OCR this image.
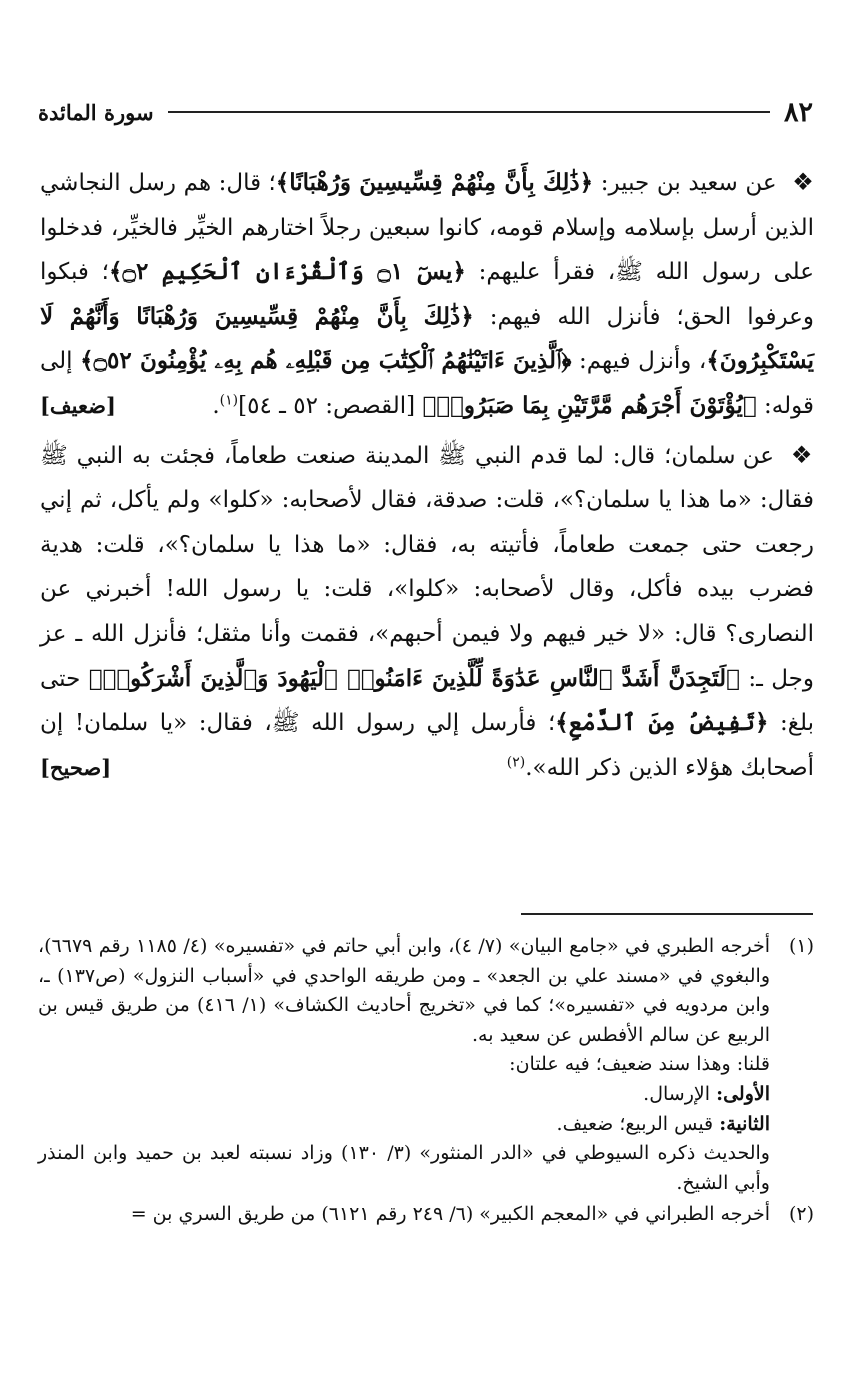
٨٢
سورة المائدة

❖ عن سعيد بن جبير: ﴿ذَٰلِكَ بِأَنَّ مِنْهُمْ قِسِّيسِينَ وَرُهْبَانًا﴾؛ قال: هم رسل النجاشي الذين أرسل بإسلامه وإسلام قومه، كانوا سبعين رجلاً اختارهم الخيِّر فالخيِّر، فدخلوا على رسول الله ﷺ، فقرأ عليهم: ﴿يسٓ ۝١ وَٱلْقُرْءَانِ ٱلْحَكِيمِ ۝٢﴾؛ فبكوا وعرفوا الحق؛ فأنزل الله فيهم: ﴿ذَٰلِكَ بِأَنَّ مِنْهُمْ قِسِّيسِينَ وَرُهْبَانًا وَأَنَّهُمْ لَا يَسْتَكْبِرُونَ﴾، وأنزل فيهم: ﴿ٱلَّذِينَ ءَاتَيْنَٰهُمُ ٱلْكِتَٰبَ مِن قَبْلِهِۦ هُم بِهِۦ يُؤْمِنُونَ ۝٥٢﴾ إلى قوله: ﴿يُؤْتَوْنَ أَجْرَهُم مَّرَّتَيْنِ بِمَا صَبَرُوا۟﴾ [القصص: ٥٢ ـ ٥٤]$^{(١)}$.
[ضعيف]

❖ عن سلمان؛ قال: لما قدم النبي ﷺ المدينة صنعت طعاماً، فجئت به النبي ﷺ فقال: «ما هذا يا سلمان؟»، قلت: صدقة، فقال لأصحابه: «كلوا» ولم يأكل، ثم إني رجعت حتى جمعت طعاماً، فأتيته به، فقال: «ما هذا يا سلمان؟»، قلت: هدية فضرب بيده فأكل، وقال لأصحابه: «كلوا»، قلت: يا رسول الله! أخبرني عن النصارى؟ قال: «لا خير فيهم ولا فيمن أحبهم»، فقمت وأنا مثقل؛ فأنزل الله ـ عز وجل ـ: ﴿لَتَجِدَنَّ أَشَدَّ ٱلنَّاسِ عَدَٰوَةً لِّلَّذِينَ ءَامَنُوا۟ ٱلْيَهُودَ وَٱلَّذِينَ أَشْرَكُوا۟﴾ حتى بلغ: ﴿تَفِيضُ مِنَ ٱلدَّمْعِ﴾؛ فأرسل إلي رسول الله ﷺ، فقال: «يا سلمان! إن أصحابك هؤلاء الذين ذكر الله».$^{(٢)}$
[صحيح]

(١)

أخرجه الطبري في «جامع البيان» (٧/ ٤)، وابن أبي حاتم في «تفسيره» (٤/ ١١٨٥ رقم ٦٦٧٩)، والبغوي في «مسند علي بن الجعد» ـ ومن طريقه الواحدي في «أسباب النزول» (ص١٣٧) ـ، وابن مردويه في «تفسيره»؛ كما في «تخريج أحاديث الكشاف» (١/ ٤١٦) من طريق قيس بن الربيع عن سالم الأفطس عن سعيد به.

قلنا: وهذا سند ضعيف؛ فيه علتان:

الأولى: الإرسال.

الثانية: قيس الربيع؛ ضعيف.

والحديث ذكره السيوطي في «الدر المنثور» (٣/ ١٣٠) وزاد نسبته لعبد بن حميد وابن المنذر وأبي الشيخ.

(٢)

أخرجه الطبراني في «المعجم الكبير» (٦/ ٢٤٩ رقم ٦١٢١) من طريق السري بن =
